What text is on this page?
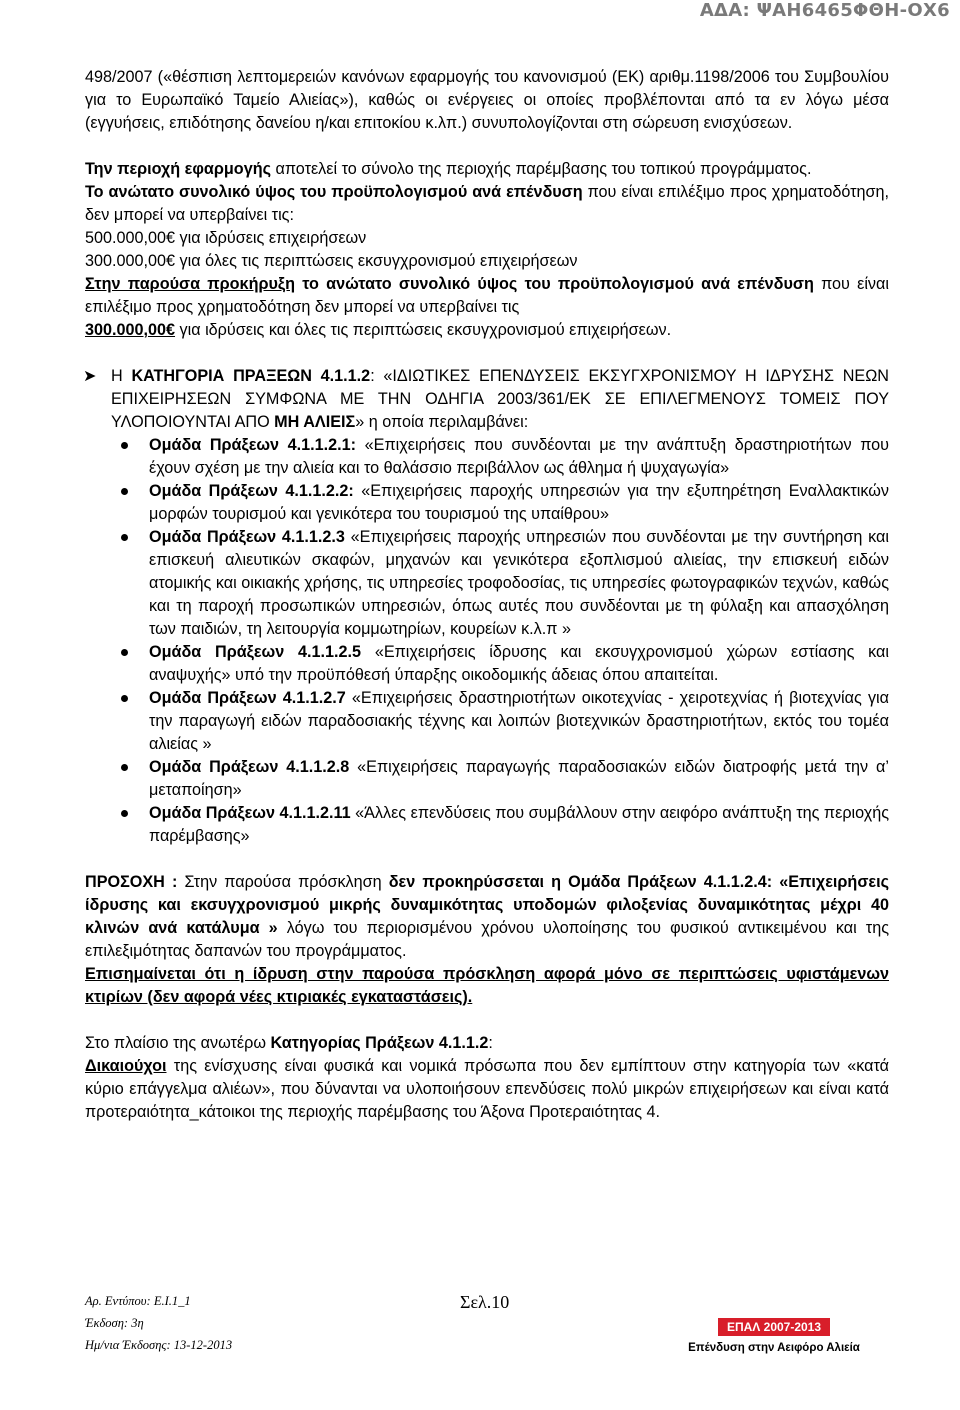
ΑΔΑ: ΨΑΗ6465ΦΘΗ-ΟΧ6

498/2007 («θέσπιση λεπτομερειών κανόνων εφαρμογής του κανονισμού (ΕΚ) αριθμ.1198/2006 του Συμβουλίου για το Ευρωπαϊκό Ταμείο Αλιείας»), καθώς οι ενέργειες οι οποίες προβλέπονται από τα εν λόγω μέσα (εγγυήσεις, επιδότησης δανείου η/και επιτοκίου κ.λπ.) συνυπολογίζονται στη σώρευση ενισχύσεων.

Την περιοχή εφαρμογής αποτελεί το σύνολο της περιοχής παρέμβασης του τοπικού προγράμματος.

Το ανώτατο συνολικό ύψος του προϋπολογισμού ανά επένδυση που είναι επιλέξιμο προς χρηματοδότηση, δεν μπορεί να υπερβαίνει τις:

500.000,00€ για ιδρύσεις επιχειρήσεων

300.000,00€ για όλες τις περιπτώσεις εκσυγχρονισμού επιχειρήσεων

Στην παρούσα προκήρυξη το ανώτατο συνολικό ύψος του προϋπολογισμού ανά επένδυση που είναι επιλέξιμο προς χρηματοδότηση δεν μπορεί να υπερβαίνει τις

300.000,00€ για ιδρύσεις και όλες τις περιπτώσεις εκσυγχρονισμού επιχειρήσεων.

➤ Η ΚΑΤΗΓΟΡΙΑ ΠΡΑΞΕΩΝ 4.1.1.2: «ΙΔΙΩΤΙΚΕΣ ΕΠΕΝΔΥΣΕΙΣ ΕΚΣΥΓΧΡΟΝΙΣΜΟΥ Η ΙΔΡΥΣΗΣ ΝΕΩΝ ΕΠΙΧΕΙΡΗΣΕΩΝ ΣΥΜΦΩΝΑ ΜΕ ΤΗΝ ΟΔΗΓΙΑ 2003/361/ΕΚ ΣΕ ΕΠΙΛΕΓΜΕΝΟΥΣ ΤΟΜΕΙΣ ΠΟΥ ΥΛΟΠΟΙΟΥΝΤΑΙ ΑΠΟ ΜΗ ΑΛΙΕΙΣ» η οποία περιλαμβάνει:

Ομάδα Πράξεων 4.1.1.2.1: «Επιχειρήσεις που συνδέονται με την ανάπτυξη δραστηριοτήτων που έχουν σχέση με την αλιεία και το θαλάσσιο περιβάλλον ως άθλημα ή ψυχαγωγία»
Ομάδα Πράξεων 4.1.1.2.2: «Επιχειρήσεις παροχής υπηρεσιών για την εξυπηρέτηση Εναλλακτικών μορφών τουρισμού και γενικότερα του τουρισμού της υπαίθρου»
Ομάδα Πράξεων 4.1.1.2.3 «Επιχειρήσεις παροχής υπηρεσιών που συνδέονται με την συντήρηση και επισκευή αλιευτικών σκαφών, μηχανών και γενικότερα εξοπλισμού αλιείας, την επισκευή ειδών ατομικής και οικιακής χρήσης, τις υπηρεσίες τροφοδοσίας, τις υπηρεσίες φωτογραφικών τεχνών, καθώς και τη παροχή προσωπικών υπηρεσιών, όπως αυτές που συνδέονται με τη φύλαξη και απασχόληση των παιδιών, τη λειτουργία κομμωτηρίων, κουρείων κ.λ.π »
Ομάδα Πράξεων 4.1.1.2.5 «Επιχειρήσεις ίδρυσης και εκσυγχρονισμού χώρων εστίασης και αναψυχής» υπό την προϋπόθεσή ύπαρξης οικοδομικής άδειας όπου απαιτείται.
Ομάδα Πράξεων 4.1.1.2.7 «Επιχειρήσεις δραστηριοτήτων οικοτεχνίας - χειροτεχνίας ή βιοτεχνίας για την παραγωγή ειδών παραδοσιακής τέχνης και λοιπών βιοτεχνικών δραστηριοτήτων, εκτός του τομέα αλιείας »
Ομάδα Πράξεων 4.1.1.2.8 «Επιχειρήσεις παραγωγής παραδοσιακών ειδών διατροφής μετά την α’ μεταποίηση»
Ομάδα Πράξεων 4.1.1.2.11 «Άλλες επενδύσεις που συμβάλλουν στην αειφόρο ανάπτυξη της περιοχής παρέμβασης»

ΠΡΟΣΟΧΗ : Στην παρούσα πρόσκληση δεν προκηρύσσεται η Ομάδα Πράξεων 4.1.1.2.4: «Επιχειρήσεις ίδρυσης και εκσυγχρονισμού μικρής δυναμικότητας υποδομών φιλοξενίας δυναμικότητας μέχρι 40 κλινών ανά κατάλυμα » λόγω του περιορισμένου χρόνου υλοποίησης του φυσικού αντικειμένου και της επιλεξιμότητας δαπανών του προγράμματος.

Επισημαίνεται ότι η ίδρυση στην παρούσα πρόσκληση αφορά μόνο σε περιπτώσεις υφιστάμενων κτιρίων (δεν αφορά νέες κτιριακές εγκαταστάσεις).

Στο πλαίσιο της ανωτέρω Κατηγορίας Πράξεων 4.1.1.2:

Δικαιούχοι της ενίσχυσης είναι φυσικά και νομικά πρόσωπα που δεν εμπίπτουν στην κατηγορία των «κατά κύριο επάγγελμα αλιέων», που δύνανται να υλοποιήσουν επενδύσεις πολύ μικρών επιχειρήσεων και είναι κατά προτεραιότητα_κάτοικοι της περιοχής παρέμβασης του Άξονα Προτεραιότητας 4.

Αρ. Εντύπου: Ε.Ι.1_1
Έκδοση: 3η
Ημ/νια Έκδοσης: 13-12-2013
Σελ.10
ΕΠΑΛ 2007-2013
Επένδυση στην Αειφόρο Αλιεία
